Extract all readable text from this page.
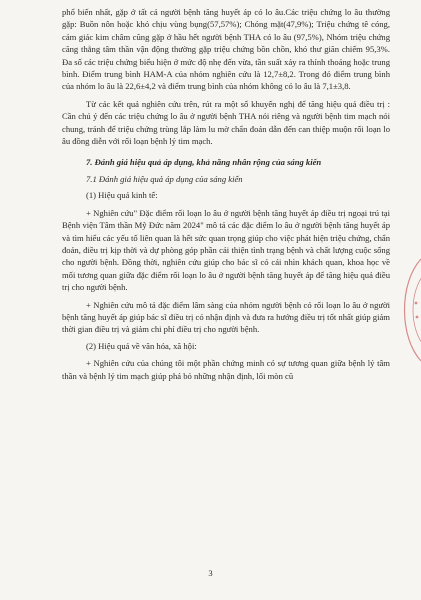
phổ biến nhất, gặp ở tất cả người bệnh tăng huyết áp có lo âu.Các triệu chứng lo âu thường gặp: Buồn nôn hoặc khó chịu vùng bụng(57,57%); Chóng mặt(47,9%); Triệu chứng tê cóng, cảm giác kim châm cũng gặp ở hầu hết người bệnh THA có lo âu (97,5%), Nhóm triệu chứng căng thẳng tâm thần vận động thường gặp triệu chứng bồn chồn, khó thư giãn chiếm 95,3%. Đa số các triệu chứng biểu hiện ở mức độ nhẹ đến vừa, tần suất xảy ra thỉnh thoảng hoặc trung bình. Điểm trung bình HAM-A của nhóm nghiên cứu là 12,7±8,2. Trong đó điểm trung bình của nhóm lo âu là 22,6±4,2 và điểm trung bình của nhóm không có lo âu là 7,1±3,8.

Từ các kết quả nghiên cứu trên, rút ra một số khuyến nghị để tăng hiệu quả điều trị : Cần chú ý đến các triệu chứng lo âu ở người bệnh THA nói riêng và người bệnh tim mạch nói chung, tránh để triệu chứng trùng lắp làm lu mờ chẩn đoán dẫn đến can thiệp muộn rối loạn lo âu đồng diễn với rối loạn bệnh lý tim mạch.

7. Đánh giá hiệu quả áp dụng, khả năng nhân rộng của sáng kiến

7.1 Đánh giá hiệu quả áp dụng của sáng kiến

(1) Hiệu quả kinh tế:

+ Nghiên cứu" Đặc điểm rối loạn lo âu ở người bệnh tăng huyết áp điều trị ngoại trú tại Bệnh viện Tâm thần Mỹ Đức năm 2024" mô tả các đặc điểm lo âu ở người bệnh tăng huyết áp và tìm hiểu các yếu tố liên quan là hết sức quan trọng giúp cho việc phát hiện triệu chứng, chẩn đoán, điều trị kịp thời và dự phòng góp phần cải thiện tình trạng bệnh và chất lượng cuộc sống cho người bệnh. Đồng thời, nghiên cứu giúp cho bác sĩ có cái nhìn khách quan, khoa học về mối tương quan giữa đặc điểm rối loạn lo âu ở người bệnh tăng huyết áp để tăng hiệu quả điều trị cho người bệnh.

+ Nghiên cứu mô tả đặc điểm lâm sàng của nhóm người bệnh có rối loạn lo âu ở người bệnh tăng huyết áp giúp bác sĩ điều trị có nhận định và đưa ra hướng điều trị tốt nhất giúp giảm thời gian điều trị và giảm chi phí điều trị cho người bệnh.

(2) Hiệu quả về văn hóa, xã hội:

+ Nghiên cứu của chúng tôi một phần chứng minh có sự tương quan giữa bệnh lý tâm thần và bệnh lý tim mạch giúp phá bỏ những nhận định, lối mòn cũ

3
